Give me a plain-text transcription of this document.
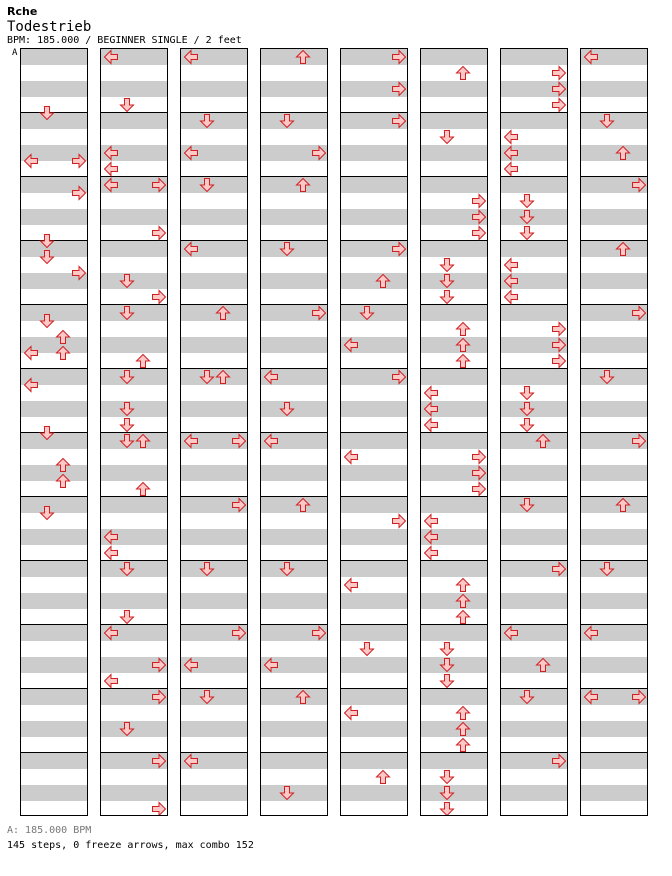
Rche
Todestrieb
BPM: 185.000 / BEGINNER SINGLE / 2 feet
A
A: 185.000 BPM
145 steps, 0 freeze arrows, max combo 152
